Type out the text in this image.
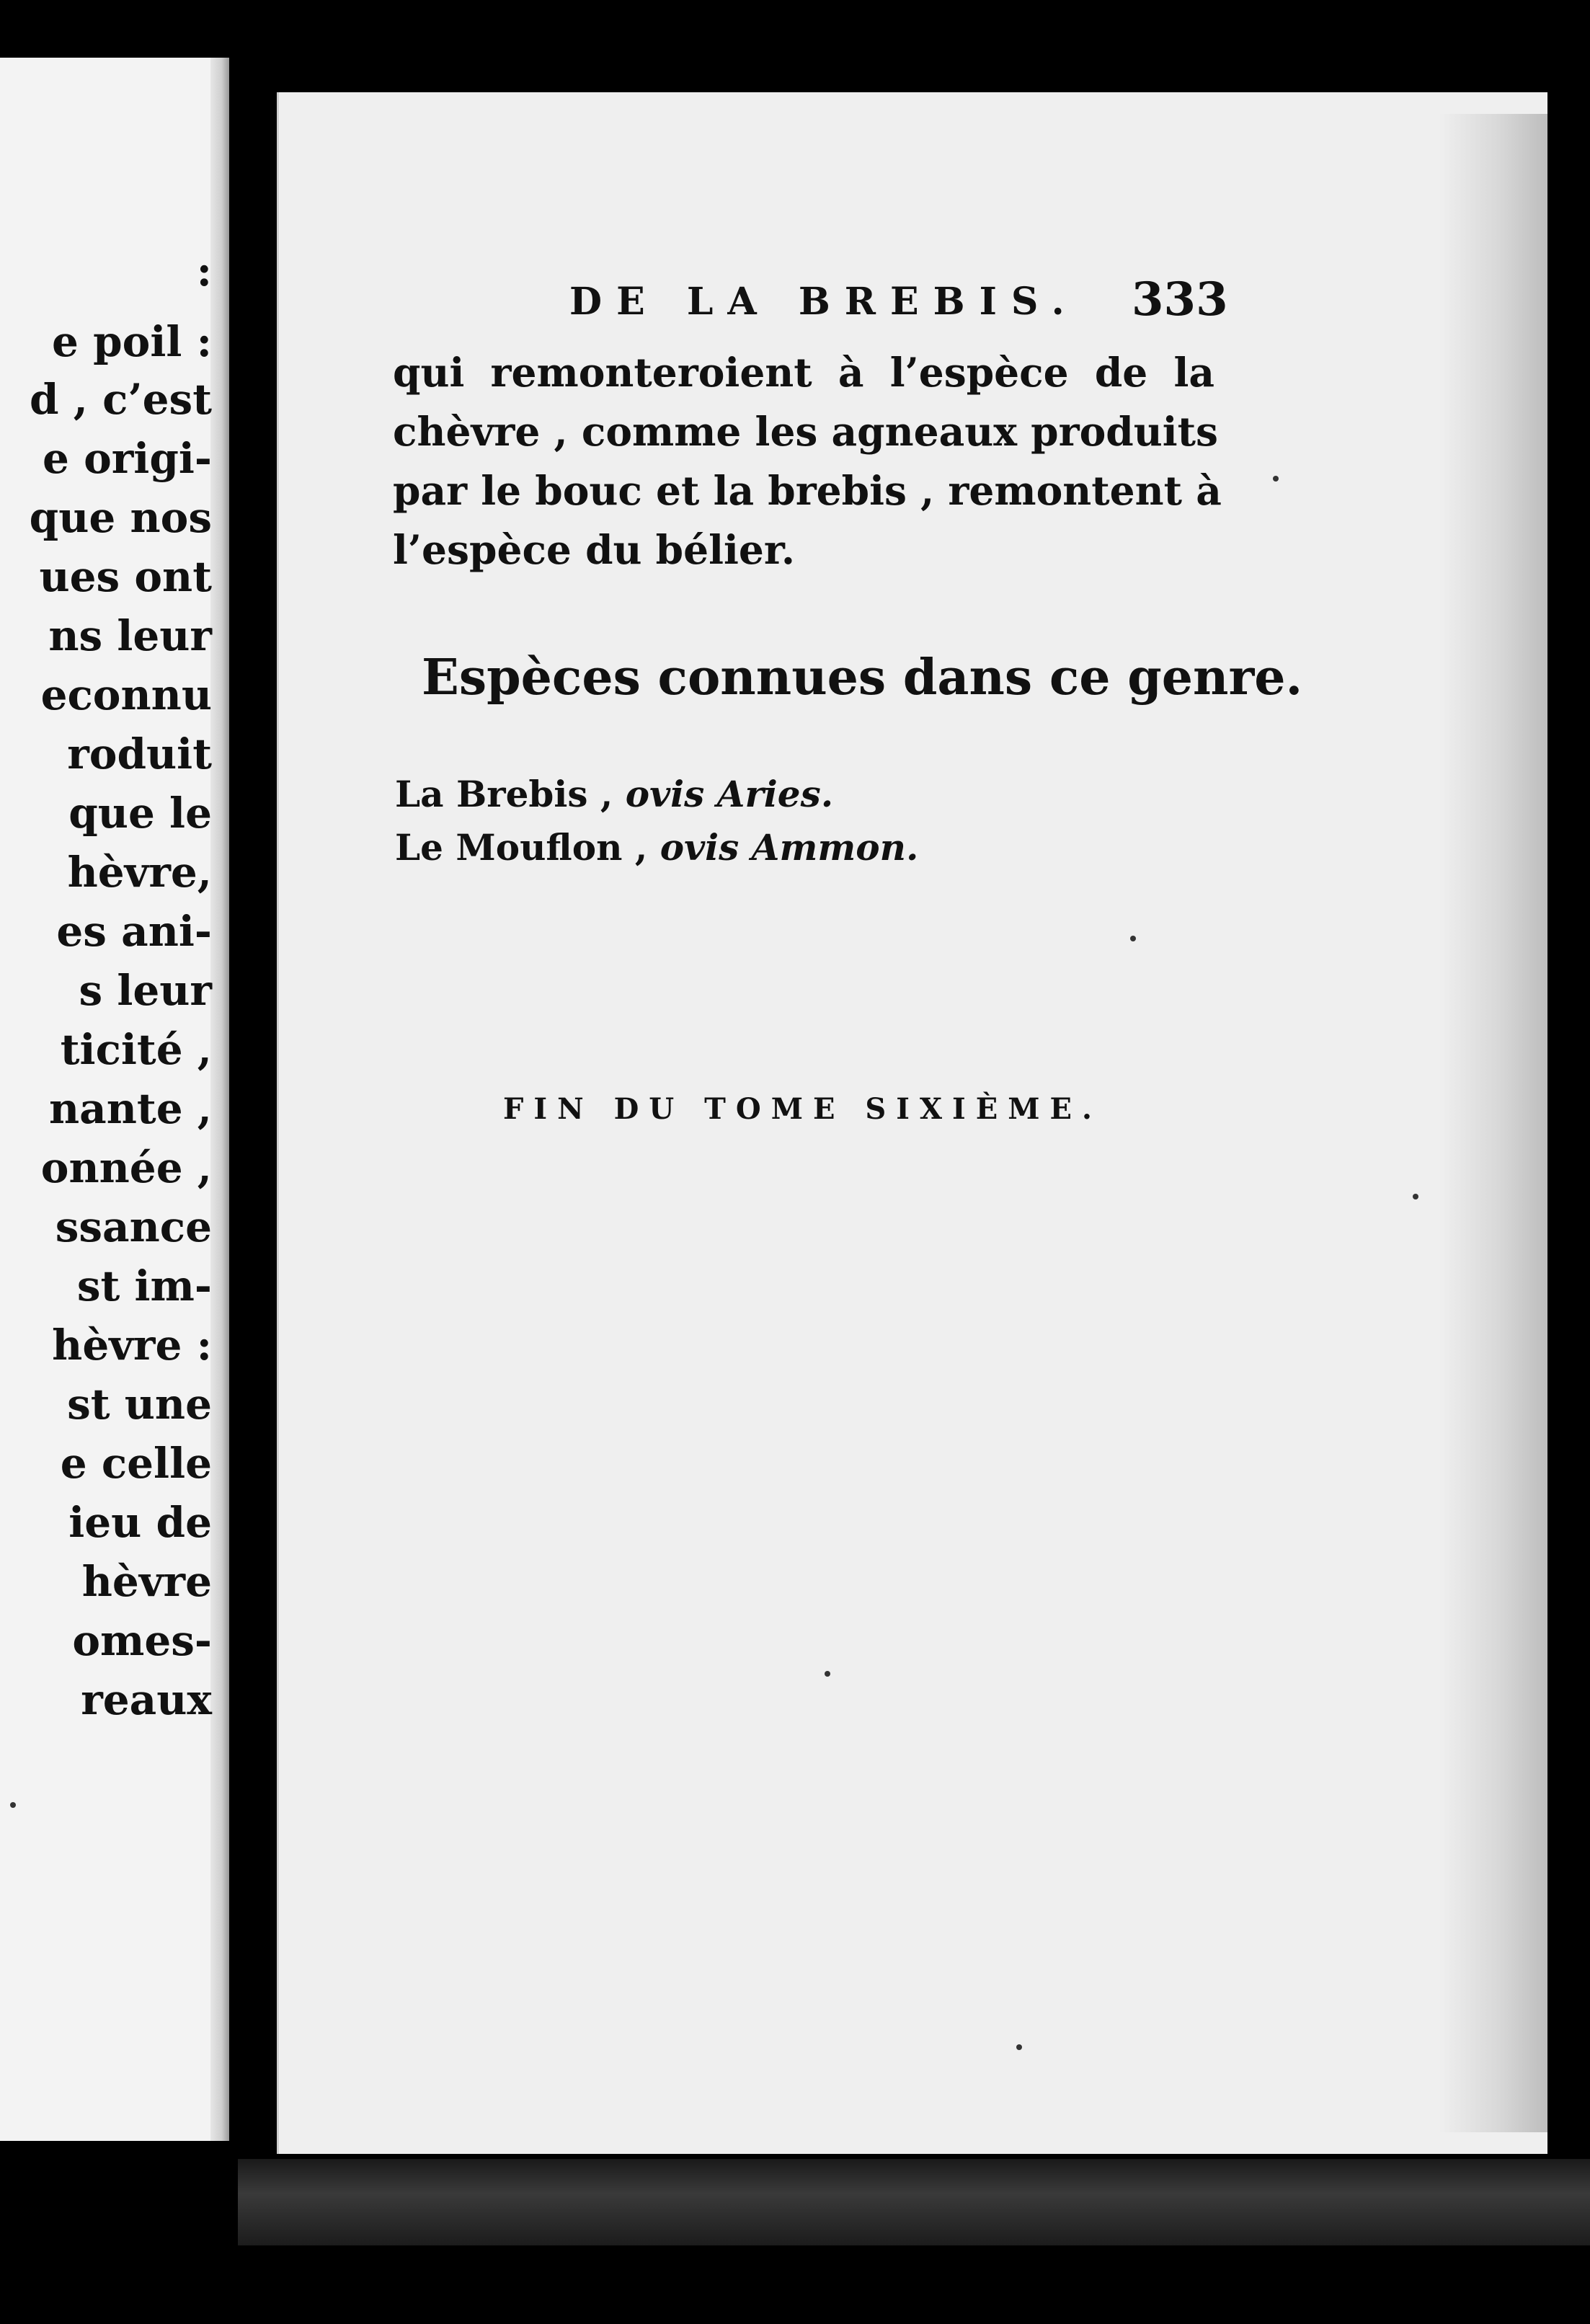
:
e poil :
d , c’est
e origi-
que nos
ues ont
ns leur
econnu
roduit
que le
hèvre,
es ani-
s leur
ticité ,
nante ,
onnée ,
ssance
st im-
hèvre :
st une
e celle
ieu de
hèvre
omes-
reaux
DE LA BREBIS. 333
qui remonteroient à l’espèce de la
chèvre , comme les agneaux produits
par le bouc et la brebis , remontent à
l’espèce du bélier.
Espèces connues dans ce genre.
La Brebis , ovis Aries.
Le Mouflon , ovis Ammon.
FIN DU TOME SIXIÈME.
